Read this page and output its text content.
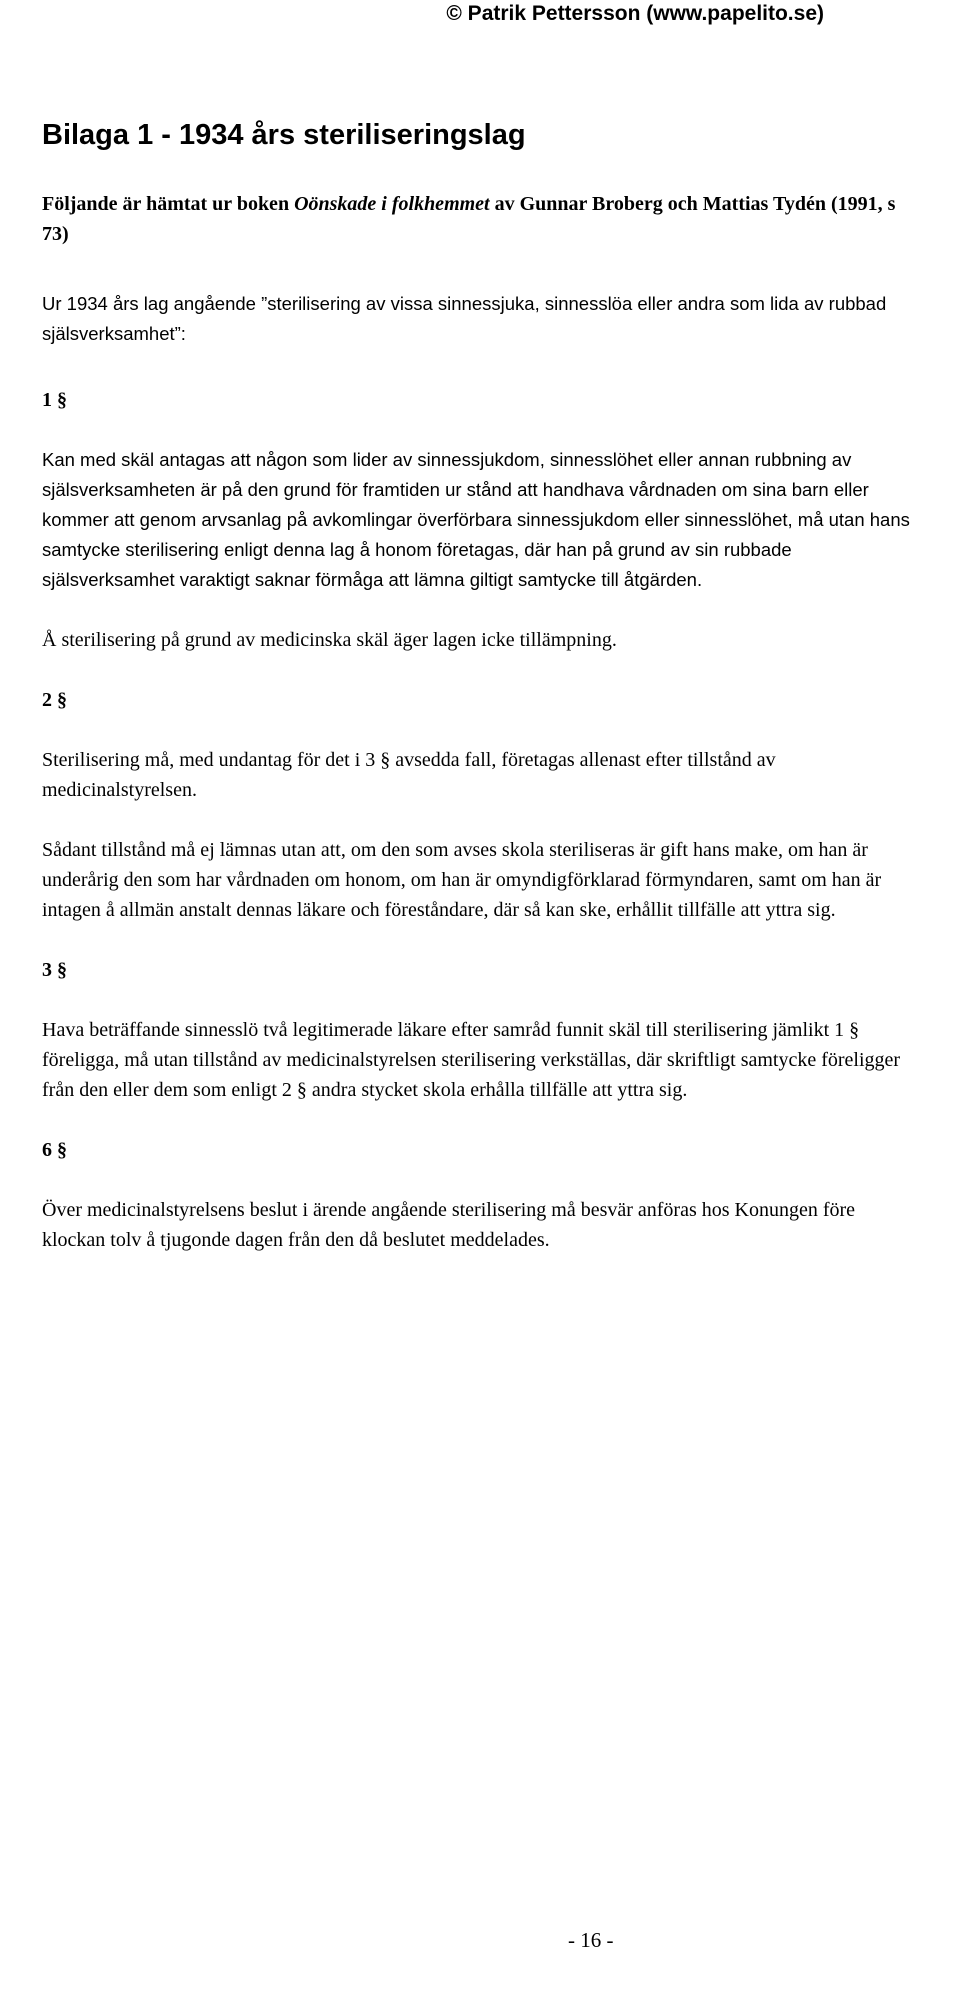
© Patrik Pettersson (www.papelito.se)
Bilaga 1 - 1934 års steriliseringslag

Följande är hämtat ur boken Oönskade i folkhemmet av Gunnar Broberg och Mattias Tydén (1991, s 73)

Ur 1934 års lag angående ”sterilisering av vissa sinnessjuka, sinnesslöa eller andra som lida av rubbad själsverksamhet”:

1 §

Kan med skäl antagas att någon som lider av sinnessjukdom, sinnesslöhet eller annan rubbning av själsverksamheten är på den grund för framtiden ur stånd att handhava vårdnaden om sina barn eller kommer att genom arvsanlag på avkomlingar överförbara sinnessjukdom eller sinnesslöhet, må utan hans samtycke sterilisering enligt denna lag å honom företagas, där han på grund av sin rubbade själsverksamhet varaktigt saknar förmåga att lämna giltigt samtycke till åtgärden.

Å sterilisering på grund av medicinska skäl äger lagen icke tillämpning.

2 §

Sterilisering må, med undantag för det i 3 § avsedda fall, företagas allenast efter tillstånd av medicinalstyrelsen.

Sådant tillstånd må ej lämnas utan att, om den som avses skola steriliseras är gift hans make, om han är underårig den som har vårdnaden om honom, om han är omyndigförklarad förmyndaren, samt om han är intagen å allmän anstalt dennas läkare och föreståndare, där så kan ske, erhållit tillfälle att yttra sig.

3 §

Hava beträffande sinnesslö två legitimerade läkare efter samråd funnit skäl till sterilisering jämlikt 1 § föreligga, må utan tillstånd av medicinalstyrelsen sterilisering verkställas, där skriftligt samtycke föreligger från den eller dem som enligt 2 § andra stycket skola erhålla tillfälle att yttra sig.

6 §

Över medicinalstyrelsens beslut i ärende angående sterilisering må besvär anföras hos Konungen före klockan tolv å tjugonde dagen från den då beslutet meddelades.

- 16 -
